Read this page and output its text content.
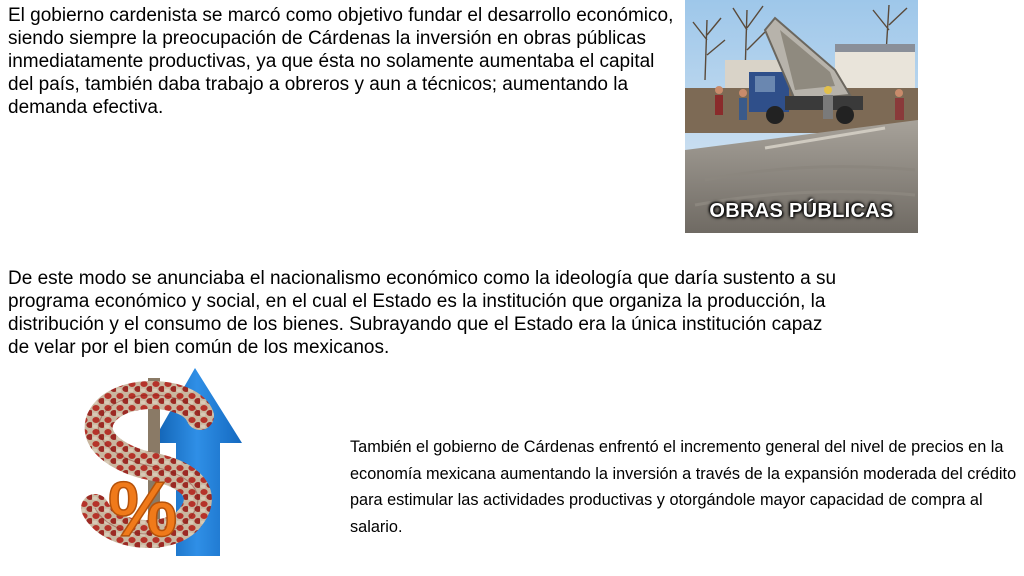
El gobierno cardenista se marcó como objetivo fundar el desarrollo económico, siendo siempre la preocupación de Cárdenas la inversión en obras públicas inmediatamente productivas, ya que ésta no solamente aumentaba el capital del país, también daba trabajo a obreros y aun a técnicos; aumentando la demanda efectiva.

OBRAS PÚBLICAS

De este modo se anunciaba el nacionalismo económico como la ideología que daría sustento a su programa económico y social, en el cual el Estado es la institución que organiza la producción, la distribución y el consumo de los bienes. Subrayando que el Estado era la única institución capaz de velar por el bien común de los mexicanos.

%

También el gobierno de Cárdenas enfrentó el incremento general del nivel de precios en la economía mexicana aumentando la inversión a través de la expansión moderada del crédito para estimular las actividades productivas y otorgándole mayor capacidad de compra al salario.
